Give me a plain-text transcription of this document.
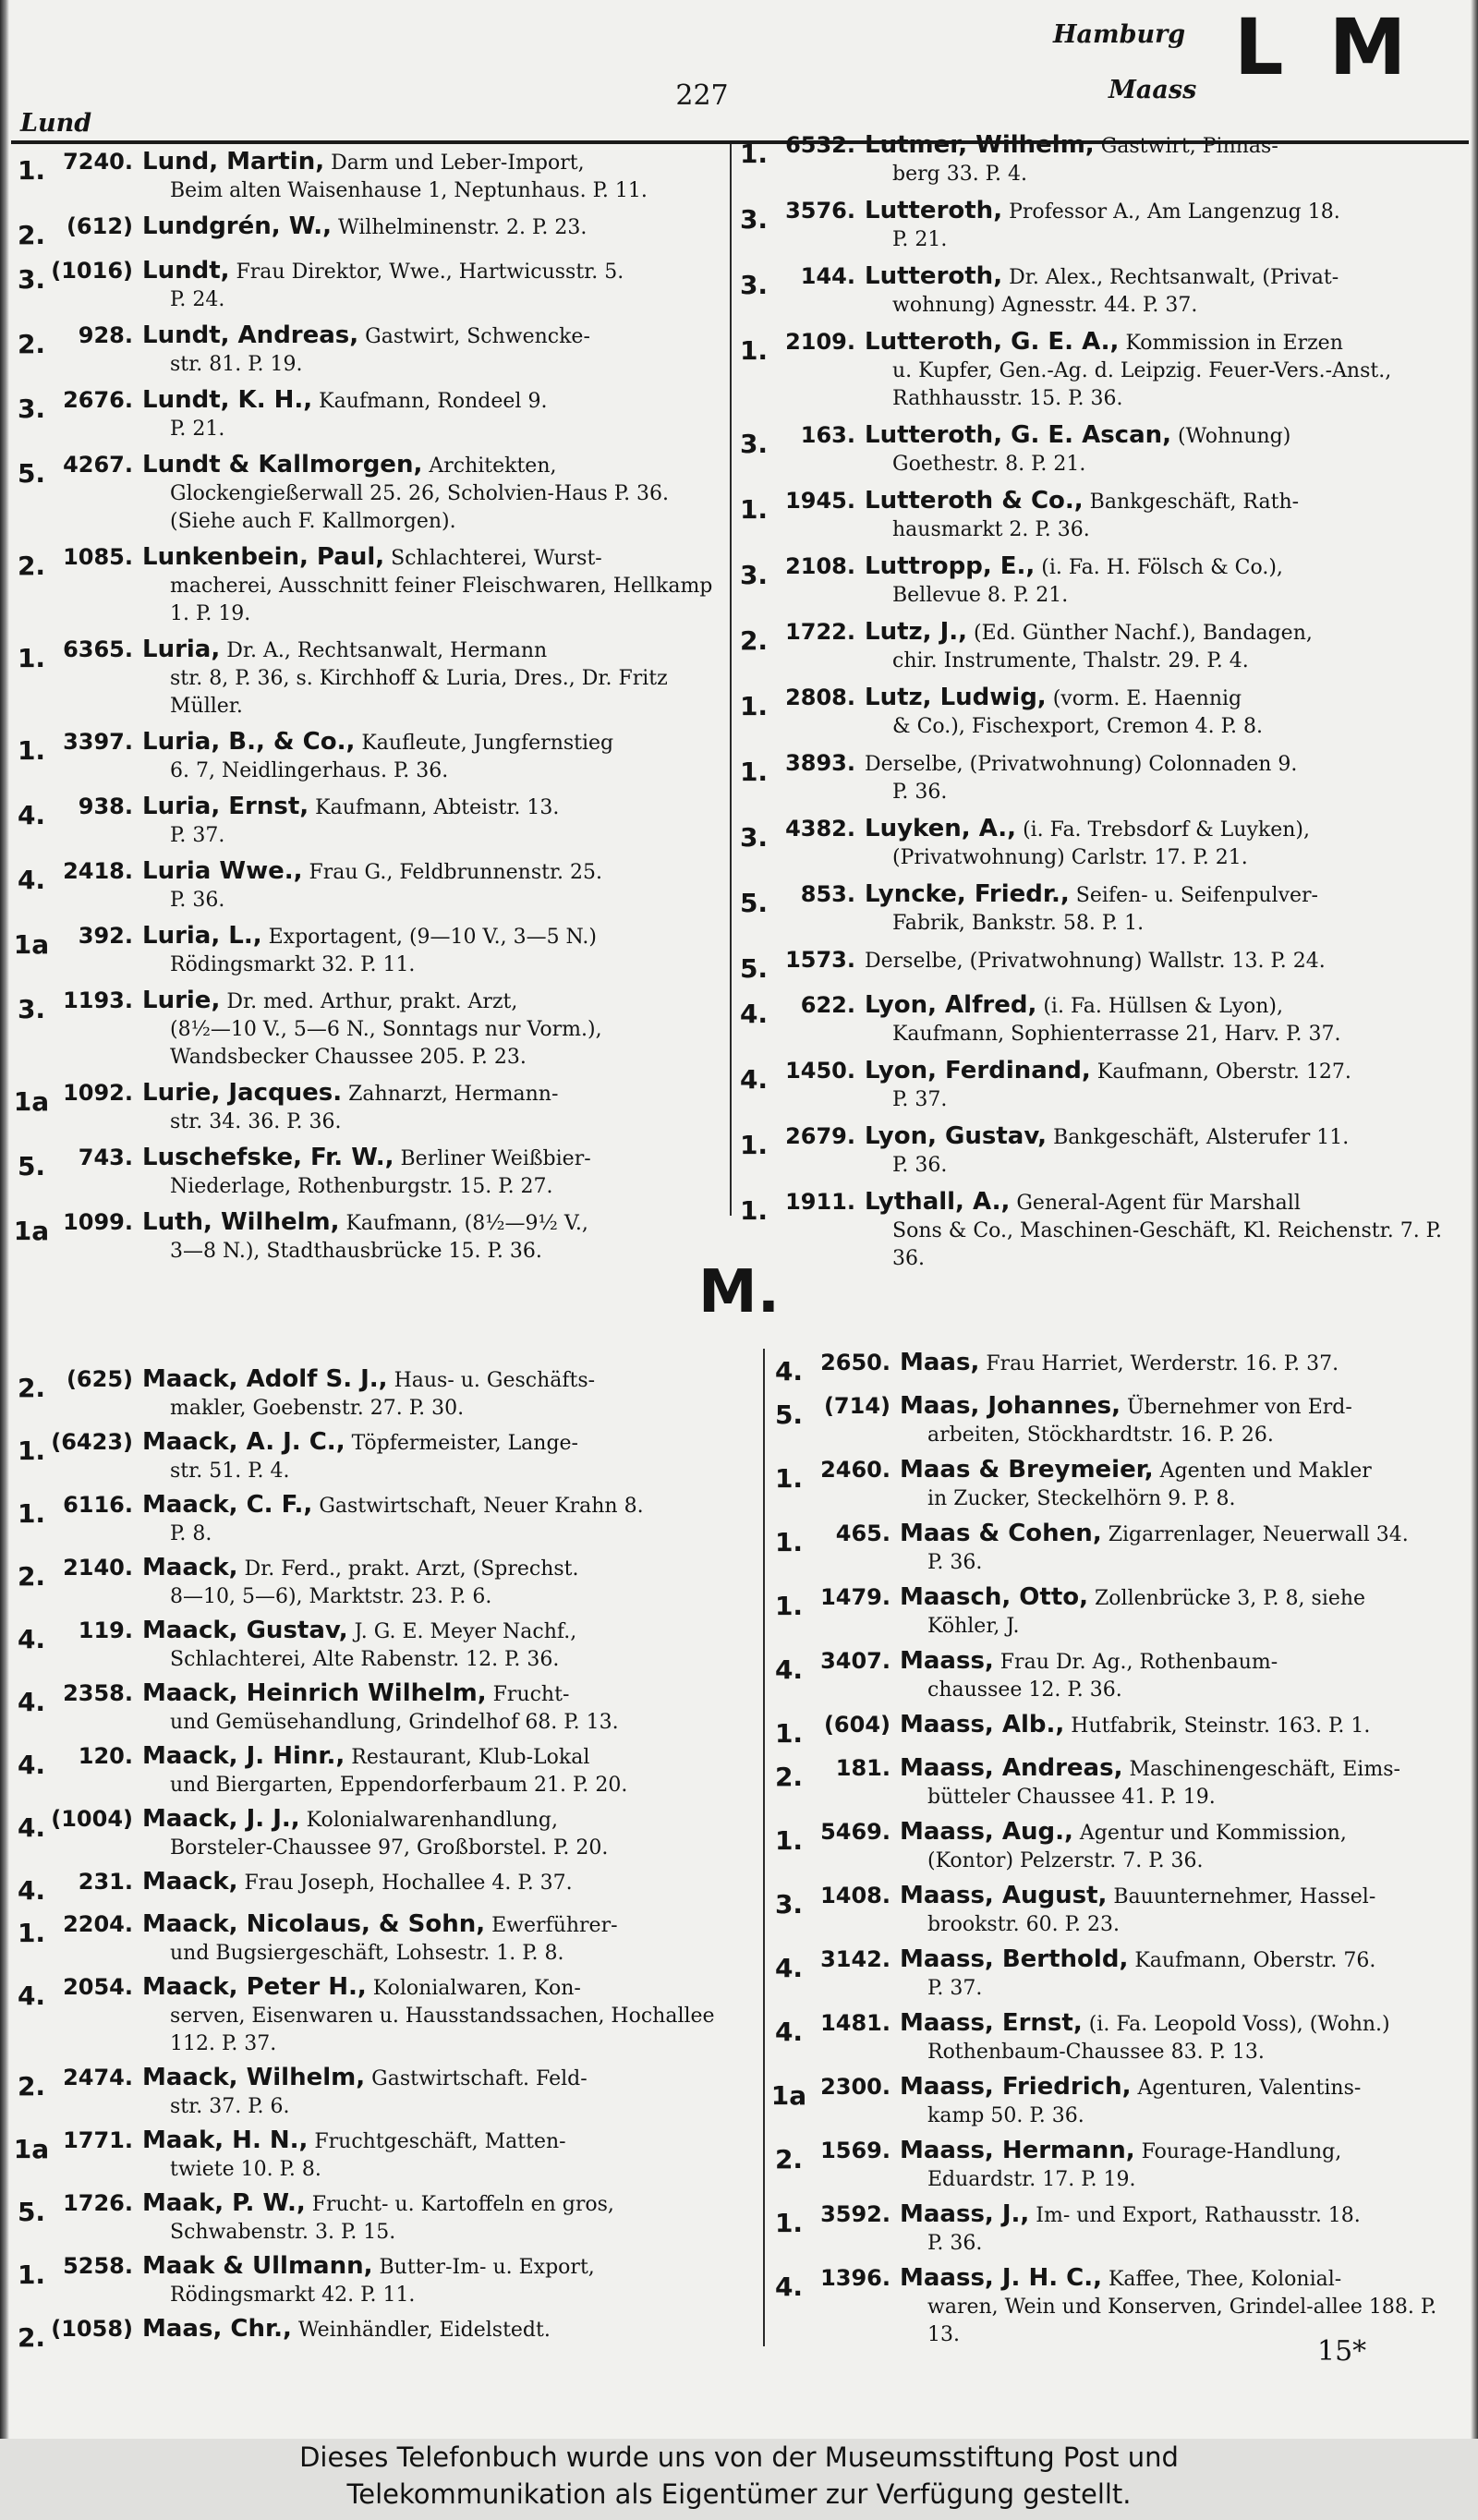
Lund
227
Hamburg
Maass L M
1. 7240. Lund, Martin, Darm und Leber-Import,
Beim alten Waisenhause 1, Neptunhaus. P. 11.
2. (612) Lundgrén, W., Wilhelminenstr. 2. P. 23.
3. (1016) Lundt, Frau Direktor, Wwe., Hartwicusstr. 5.
P. 24.
2.	928. Lundt, Andreas, Gastwirt, Schwencke-
str. 81. P. 19.
3. 2676. Lundt, K. H., Kaufmann, Rondeel 9.
P. 21.
5. 4267. Lundt & Kallmorgen, Architekten,
Glockengießerwall 25. 26, Scholvien-Haus P. 36. (Siehe auch F. Kallmorgen).
2. 1085. Lunkenbein, Paul, Schlachterei, Wurst-
macherei, Ausschnitt feiner Fleischwaren, Hellkamp 1. P. 19.
1. 6365. Luria, Dr. A., Rechtsanwalt, Hermann
str. 8, P. 36, s. Kirchhoff & Luria, Dres., Dr. Fritz Müller.
1. 3397. Luria, B., & Co., Kaufleute, Jungfernstieg
6. 7, Neidlingerhaus. P. 36.
4.	938. Luria, Ernst, Kaufmann, Abteistr. 13.
P. 37.
4. 2418. Luria Wwe., Frau G., Feldbrunnenstr. 25.
P. 36.
1a	392. Luria, L., Exportagent, (9—10 V., 3—5 N.)
Rödingsmarkt 32. P. 11.
3. 1193. Lurie, Dr. med. Arthur, prakt. Arzt,
(8½—10 V., 5—6 N., Sonntags nur Vorm.), Wandsbecker Chaussee 205. P. 23.
1a 1092. Lurie, Jacques. Zahnarzt, Hermann-
str. 34. 36. P. 36.
5.	743. Luschefske, Fr. W., Berliner Weißbier-
Niederlage, Rothenburgstr. 15. P. 27.
1a 1099. Luth, Wilhelm, Kaufmann, (8½—9½ V.,
3—8 N.), Stadthausbrücke 15. P. 36.
1. 6532. Lutmer, Wilhelm, Gastwirt, Pinnas-
berg 33. P. 4.
3. 3576. Lutteroth, Professor A., Am Langenzug 18.
P. 21.
3.	144. Lutteroth, Dr. Alex., Rechtsanwalt, (Privat-
wohnung) Agnesstr. 44. P. 37.
1. 2109. Lutteroth, G. E. A., Kommission in Erzen
u. Kupfer, Gen.-Ag. d. Leipzig. Feuer-Vers.-Anst., Rathhausstr. 15. P. 36.
3.	163. Lutteroth, G. E. Ascan, (Wohnung)
Goethestr. 8. P. 21.
1. 1945. Lutteroth & Co., Bankgeschäft, Rath-
hausmarkt 2. P. 36.
3. 2108. Luttropp, E., (i. Fa. H. Fölsch & Co.),
Bellevue 8. P. 21.
2. 1722. Lutz, J., (Ed. Günther Nachf.), Bandagen,
chir. Instrumente, Thalstr. 29. P. 4.
1. 2808. Lutz, Ludwig, (vorm. E. Haennig
& Co.), Fischexport, Cremon 4. P. 8.
1. 3893. Derselbe, (Privatwohnung) Colonnaden 9.
P. 36.
3. 4382. Luyken, A., (i. Fa. Trebsdorf & Luyken),
(Privatwohnung) Carlstr. 17. P. 21.
5.	853. Lyncke, Friedr., Seifen- u. Seifenpulver-
Fabrik, Bankstr. 58. P. 1.
5. 1573. Derselbe, (Privatwohnung) Wallstr. 13. P. 24.
4.	622. Lyon, Alfred, (i. Fa. Hüllsen & Lyon),
Kaufmann, Sophienterrasse 21, Harv. P. 37.
4. 1450. Lyon, Ferdinand, Kaufmann, Oberstr. 127.
P. 37.
1. 2679. Lyon, Gustav, Bankgeschäft, Alsterufer 11.
P. 36.
1. 1911. Lythall, A., General-Agent für Marshall
Sons & Co., Maschinen-Geschäft, Kl. Reichenstr. 7. P. 36.
M.
2. (625) Maack, Adolf S. J., Haus- u. Geschäfts-
makler, Goebenstr. 27. P. 30.
1. (6423) Maack, A. J. C., Töpfermeister, Lange-
str. 51. P. 4.
1. 6116. Maack, C. F., Gastwirtschaft, Neuer Krahn 8.
P. 8.
2. 2140. Maack, Dr. Ferd., prakt. Arzt, (Sprechst.
8—10, 5—6), Marktstr. 23. P. 6.
4.	119. Maack, Gustav, J. G. E. Meyer Nachf.,
Schlachterei, Alte Rabenstr. 12. P. 36.
4. 2358. Maack, Heinrich Wilhelm, Frucht-
und Gemüsehandlung, Grindelhof 68. P. 13.
4.	120. Maack, J. Hinr., Restaurant, Klub-Lokal
und Biergarten, Eppendorferbaum 21. P. 20.
4. (1004) Maack, J. J., Kolonialwarenhandlung,
Borsteler-Chaussee 97, Großborstel. P. 20.
4.	231. Maack, Frau Joseph, Hochallee 4. P. 37.
1. 2204. Maack, Nicolaus, & Sohn, Ewerführer-
und Bugsiergeschäft, Lohsestr. 1. P. 8.
4. 2054. Maack, Peter H., Kolonialwaren, Kon-
serven, Eisenwaren u. Hausstandssachen, Hochallee 112. P. 37.
2. 2474. Maack, Wilhelm, Gastwirtschaft. Feld-
str. 37. P. 6.
1a 1771. Maak, H. N., Fruchtgeschäft, Matten-
twiete 10. P. 8.
5. 1726. Maak, P. W., Frucht- u. Kartoffeln en gros,
Schwabenstr. 3. P. 15.
1. 5258. Maak & Ullmann, Butter-Im- u. Export,
Rödingsmarkt 42. P. 11.
2. (1058) Maas, Chr., Weinhändler, Eidelstedt.
4. 2650. Maas, Frau Harriet, Werderstr. 16. P. 37.
5. (714) Maas, Johannes, Übernehmer von Erd-
arbeiten, Stöckhardtstr. 16. P. 26.
1. 2460. Maas & Breymeier, Agenten und Makler
in Zucker, Steckelhörn 9. P. 8.
1.	465. Maas & Cohen, Zigarrenlager, Neuerwall 34.
P. 36.
1. 1479. Maasch, Otto, Zollenbrücke 3, P. 8, siehe
Köhler, J.
4. 3407. Maass, Frau Dr. Ag., Rothenbaum-
chaussee 12. P. 36.
1. (604) Maass, Alb., Hutfabrik, Steinstr. 163. P. 1.
2.	181. Maass, Andreas, Maschinengeschäft, Eims-
bütteler Chaussee 41. P. 19.
1. 5469. Maass, Aug., Agentur und Kommission,
(Kontor) Pelzerstr. 7. P. 36.
3. 1408. Maass, August, Bauunternehmer, Hassel-
brookstr. 60. P. 23.
4. 3142. Maass, Berthold, Kaufmann, Oberstr. 76.
P. 37.
4. 1481. Maass, Ernst, (i. Fa. Leopold Voss), (Wohn.)
Rothenbaum-Chaussee 83. P. 13.
1a 2300. Maass, Friedrich, Agenturen, Valentins-
kamp 50. P. 36.
2. 1569. Maass, Hermann, Fourage-Handlung,
Eduardstr. 17. P. 19.
1. 3592. Maass, J., Im- und Export, Rathausstr. 18.
P. 36.
4. 1396. Maass, J. H. C., Kaffee, Thee, Kolonial-
waren, Wein und Konserven, Grindel-allee 188. P. 13.
15*
Dieses Telefonbuch wurde uns von der Museumsstiftung Post und
Telekommunikation als Eigentümer zur Verfügung gestellt.
